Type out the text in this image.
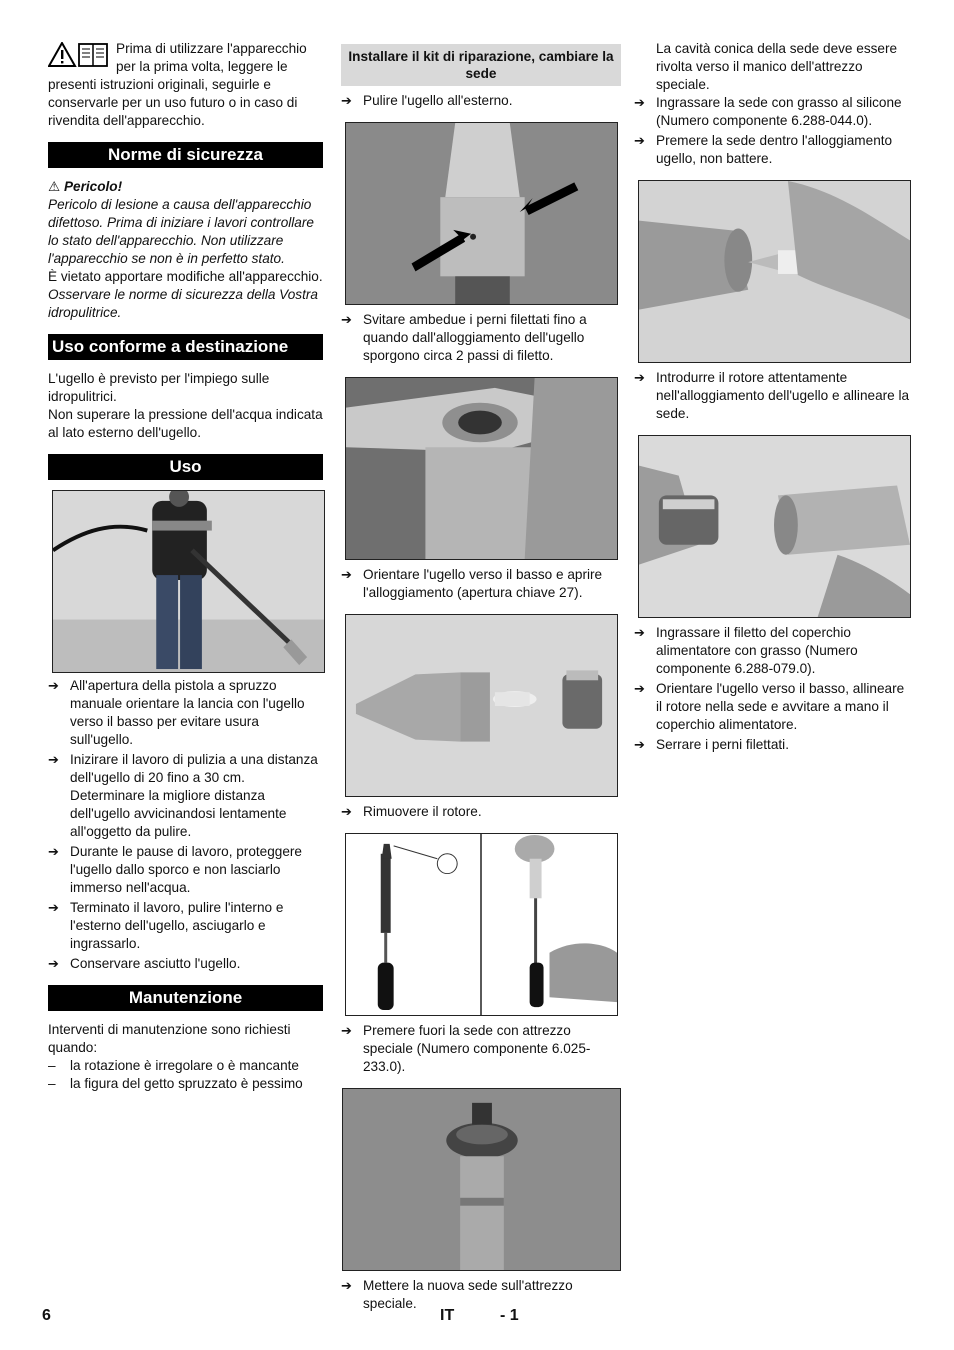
Prima di utilizzare l'apparecchio per la prima volta, leggere le presenti istruzioni originali, seguirle e conservarle per un uso futuro o in caso di rivendita dell'apparecchio.

Norme di sicurezza

⚠ Pericolo!

Pericolo di lesione a causa dell'apparecchio difettoso. Prima di iniziare i lavori controllare lo stato dell'apparecchio. Non utilizzare l'apparecchio se non è in perfetto stato.

È vietato apportare modifiche all'apparecchio.

Osservare le norme di sicurezza della Vostra idropulitrice.

Uso conforme a destinazione

L'ugello è previsto per l'impiego sulle idropulitrici.

Non superare la pressione dell'acqua indicata al lato esterno dell'ugello.

Uso
➔ All'apertura della pistola a spruzzo manuale orientare la lancia con l'ugello verso il basso per evitare usura sull'ugello.
➔ Inizirare il lavoro di pulizia a una distanza dell'ugello di 20 fino a 30 cm. Determinare la migliore distanza dell'ugello avvicinandosi lentamente all'oggetto da pulire.
➔ Durante le pause di lavoro, proteggere l'ugello dallo sporco e non lasciarlo immerso nell'acqua.
➔ Terminato il lavoro, pulire l'interno e l'esterno dell'ugello, asciugarlo e ingrassarlo.
➔ Conservare asciutto l'ugello.
Manutenzione

Interventi di manutenzione sono richiesti quando:

– la rotazione è irregolare o è mancante
– la figura del getto spruzzato è pessimo
Installare il kit di riparazione, cambiare la sede
➔ Pulire l'ugello all'esterno.
➔ Svitare ambedue i perni filettati fino a quando dall'alloggiamento dell'ugello sporgono circa 2 passi di filetto.
➔ Orientare l'ugello verso il basso e aprire l'alloggiamento (apertura chiave 27).
➔ Rimuovere il rotore.
➔ Premere fuori la sede con attrezzo speciale (Numero componente 6.025-233.0).
➔ Mettere la nuova sede sull'attrezzo speciale.

La cavità conica della sede deve essere rivolta verso il manico dell'attrezzo speciale.

➔ Ingrassare la sede con grasso al silicone (Numero componente 6.288-044.0).
➔ Premere la sede dentro l'alloggiamento ugello, non battere.
➔ Introdurre il rotore attentamente nell'alloggiamento dell'ugello e allineare la sede.
➔ Ingrassare il filetto del coperchio alimentatore con grasso (Numero componente 6.288-079.0).
➔ Orientare l'ugello verso il basso, allineare il rotore nella sede e avvitare a mano il coperchio alimentatore.
➔ Serrare i perni filettati.
6	IT	- 1
